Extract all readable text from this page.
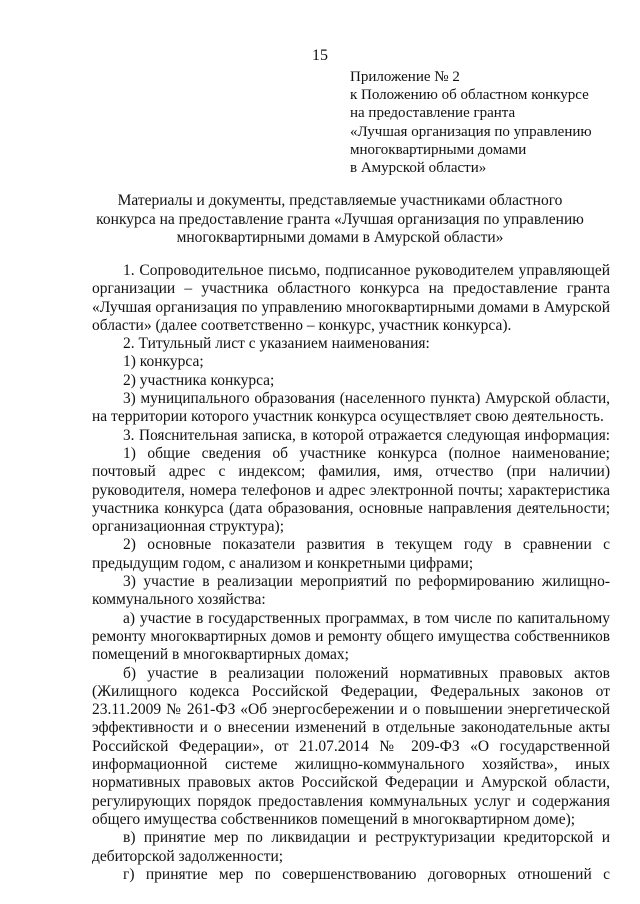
15
Приложение № 2
к Положению об областном конкурсе
на предоставление гранта
«Лучшая организация по управлению
многоквартирными домами
в Амурской области»
Материалы и документы, представляемые участниками областного
конкурса на предоставление гранта «Лучшая организация по управлению
многоквартирными домами в Амурской области»
1. Сопроводительное письмо, подписанное руководителем управляющей
организации – участника областного конкурса на предоставление гранта
«Лучшая организация по управлению многоквартирными домами в Амурской
области» (далее соответственно – конкурс, участник конкурса).
2. Титульный лист с указанием наименования:
1) конкурса;
2) участника конкурса;
3) муниципального образования (населенного пункта) Амурской области,
на территории которого участник конкурса осуществляет свою деятельность.
3. Пояснительная записка, в которой отражается следующая информация:
1) общие сведения об участнике конкурса (полное наименование;
почтовый адрес с индексом; фамилия, имя, отчество (при наличии)
руководителя, номера телефонов и адрес электронной почты; характеристика
участника конкурса (дата образования, основные направления деятельности;
организационная структура);
2) основные показатели развития в текущем году в сравнении с
предыдущим годом, с анализом и конкретными цифрами;
3) участие в реализации мероприятий по реформированию жилищно-
коммунального хозяйства:
а) участие в государственных программах, в том числе по капитальному
ремонту многоквартирных домов и ремонту общего имущества собственников
помещений в многоквартирных домах;
б) участие в реализации положений нормативных правовых актов
(Жилищного кодекса Российской Федерации, Федеральных законов от
23.11.2009 № 261-ФЗ «Об энергосбережении и о повышении энергетической
эффективности и о внесении изменений в отдельные законодательные акты
Российской Федерации», от 21.07.2014 № 209-ФЗ «О государственной
информационной системе жилищно-коммунального хозяйства», иных
нормативных правовых актов Российской Федерации и Амурской области,
регулирующих порядок предоставления коммунальных услуг и содержания
общего имущества собственников помещений в многоквартирном доме);
в) принятие мер по ликвидации и реструктуризации кредиторской и
дебиторской задолженности;
г) принятие мер по совершенствованию договорных отношений с
